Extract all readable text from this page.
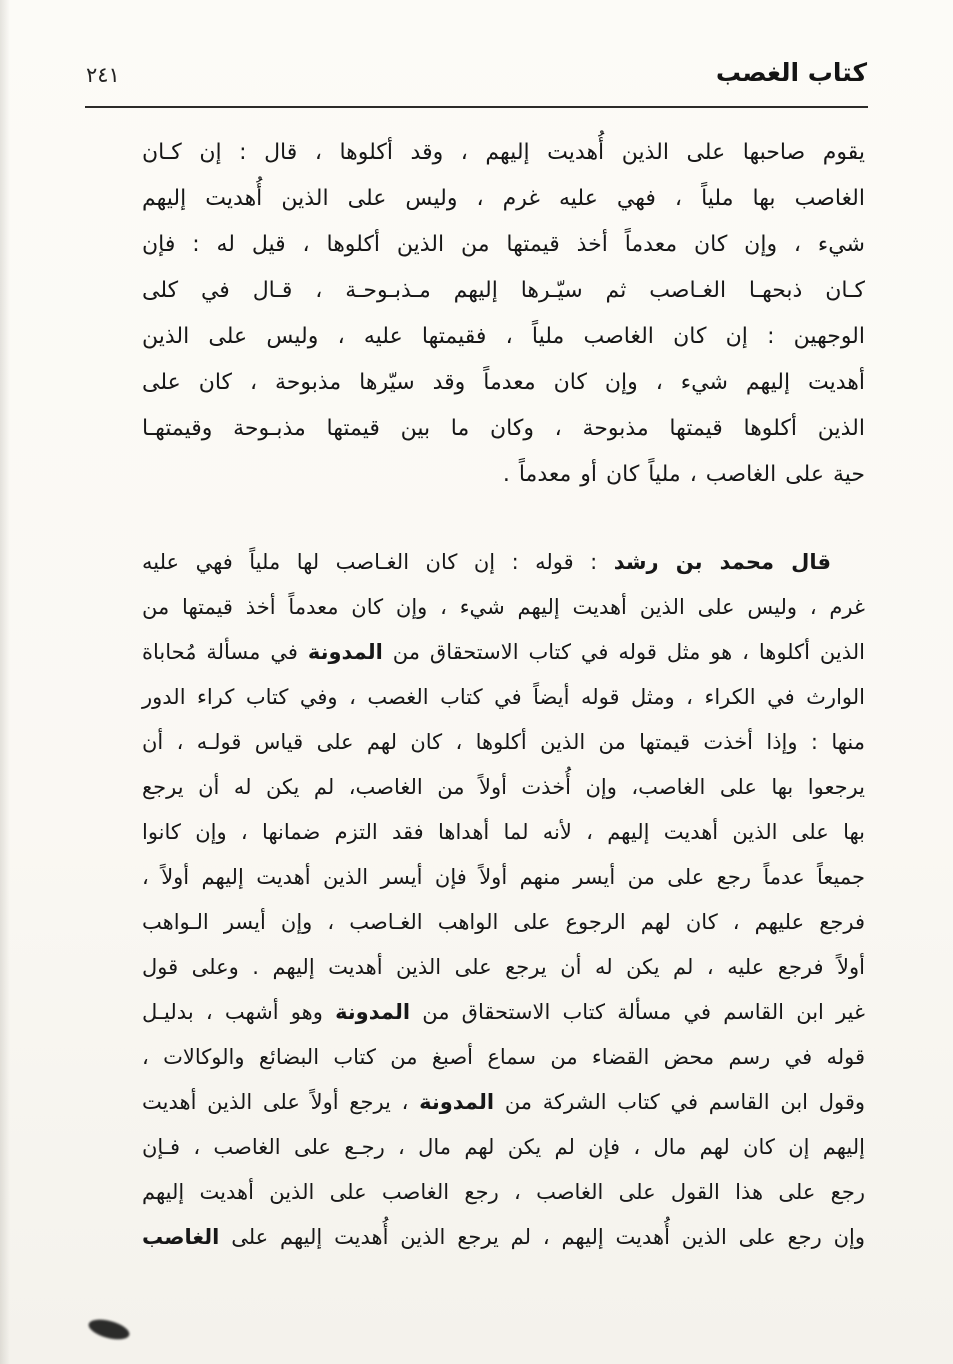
كتاب الغصب
٢٤١
يقوم صاحبها على الذين أُهديت إليهم ، وقد أكلوها ، قال : إن كـان
الغاصب بها ملياً ، فهي عليه غرم ، وليس على الذين أُهديت إليهم
شيء ، وإن كان معدماً أخذ قيمتها من الذين أكلوها ، قيل له : فإن
كـان ذبحهـا الغـاصب ثم سيّـرها إليهم مـذبـوحـة ، قـال في كلى
الوجهين : إن كان الغاصب ملياً ، فقيمتها عليه ، وليس على الذين
أهديت إليهم شيء ، وإن كان معدماً وقد سيّرها مذبوحة ، كان على
الذين أكلوها قيمتها مذبوحة ، وكان ما بين قيمتها مذبـوحة وقيمتهـا
حية على الغاصب ، ملياً كان أو معدماً .
قال محمد بن رشد : قوله : إن كان الغـاصب لها ملياً فهي عليه
غرم ، وليس على الذين أهديت إليهم شيء ، وإن كان معدماً أخذ قيمتها من
الذين أكلوها ، هو مثل قوله في كتاب الاستحقاق من المدونة في مسألة مُحاباة
الوارث في الكراء ، ومثل قوله أيضاً في كتاب الغصب ، وفي كتاب كراء الدور
منها : وإذا أخذت قيمتها من الذين أكلوها ، كان لهم على قياس قولـه ، أن
يرجعوا بها على الغاصب، وإن أُخذت أولاً من الغاصب، لم يكن له أن يرجع
بها على الذين أهديت إليهم ، لأنه لما أهداها فقد التزم ضمانها ، وإن كانوا
جميعاً عدماً رجع على من أيسر منهم أولاً فإن أيسر الذين أهديت إليهم أولاً ،
فرجع عليهم ، كان لهم الرجوع على الواهب الغـاصب ، وإن أيسر الـواهب
أولاً فرجع عليه ، لم يكن له أن يرجع على الذين أهديت إليهم . وعلى قول
غير ابن القاسم في مسألة كتاب الاستحقاق من المدونة وهو أشهب ، بدليـل
قوله في رسم محض القضاء من سماع أصبغ من كتاب البضائع والوكالات ،
وقول ابن القاسم في كتاب الشركة من المدونة ، يرجع أولاً على الذين أهديت
إليهم إن كان لهم مال ، فإن لم يكن لهم مال ، رجـع على الغاصب ، فـإن
رجع على هذا القول على الغاصب ، رجع الغاصب على الذين أهديت إليهم
وإن رجع على الذين أُهديت إليهم ، لم يرجع الذين أُهديت إليهم على الغاصب
